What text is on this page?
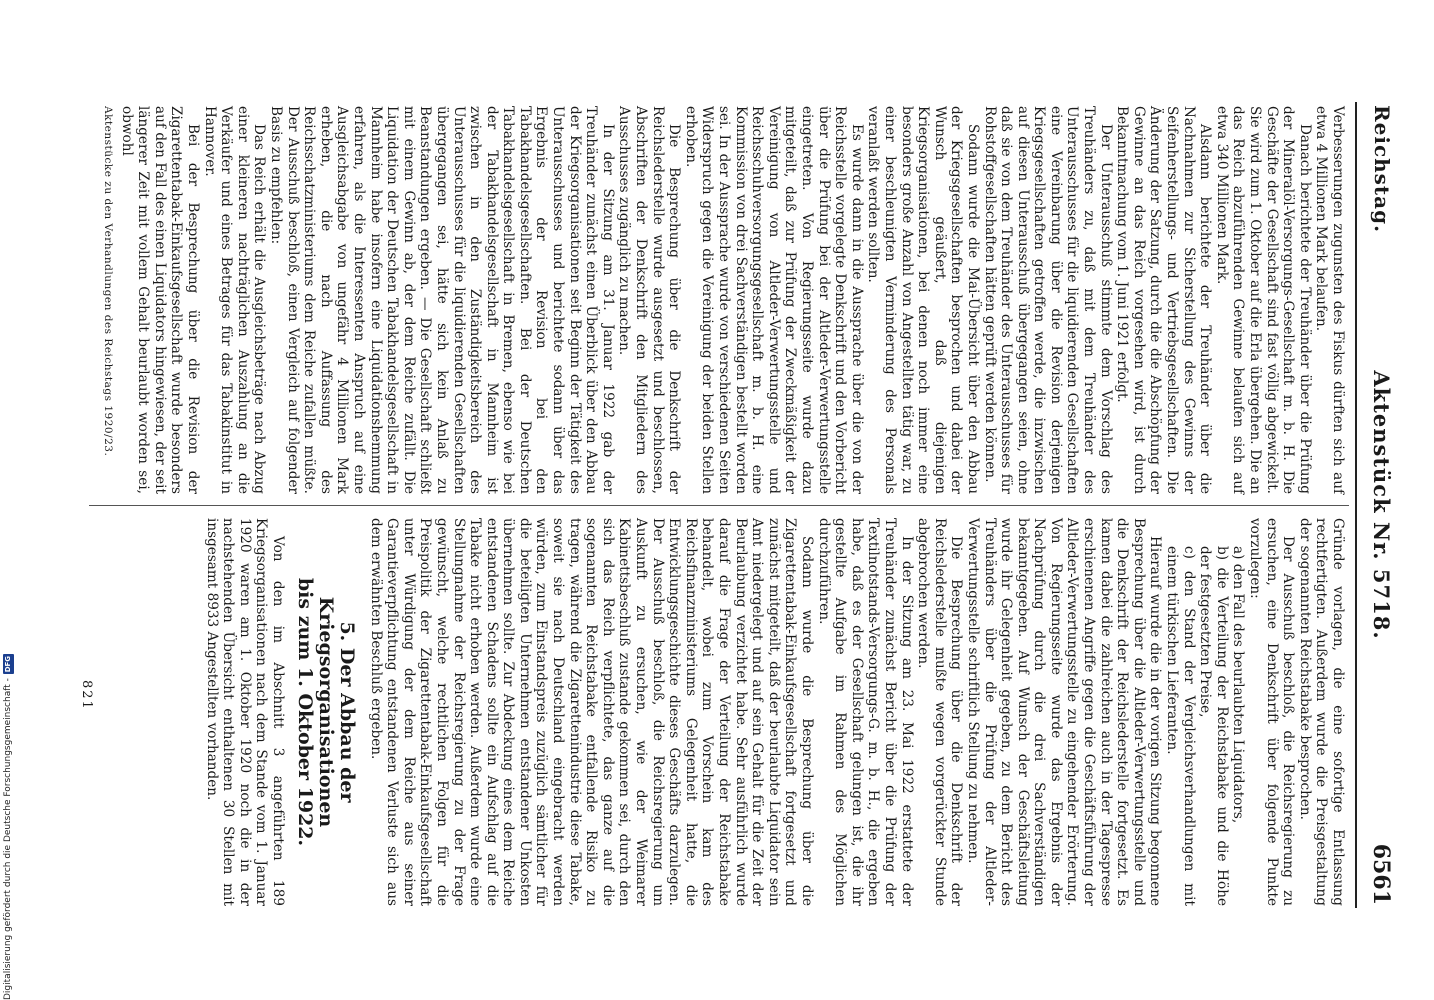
Reichstag.
Aktenstück Nr. 5718.
6561

Verbesserungen zugunsten des Fiskus dürften sich auf etwa 4 Millionen Mark belaufen.

Danach berichtete der Treuhänder über die Prüfung der Mineralöl-Versorgungs-Gesellschaft m. b. H. Die Geschäfte der Gesellschaft sind fast völlig abgewickelt. Sie wird zum 1. Oktober auf die Erla übergehen. Die an das Reich abzuführenden Gewinne belaufen sich auf etwa 340 Millionen Mark.

Alsdann berichtete der Treuhänder über die Nachnahmen zur Sicherstellung des Gewinns der Seifenherstellungs- und Vertriebsgesellschaften. Die Änderung der Satzung, durch die die Abschöpfung der Gewinne an das Reich vorgesehen wird, ist durch Bekanntmachung vom 1. Juni 1921 erfolgt.

Der Unterausschuß stimmte dem Vorschlag des Treuhänders zu, daß mit dem Treuhänder des Unterausschusses für die liquidierenden Gesellschaften eine Vereinbarung über die Revision derjenigen Kriegsgesellschaften getroffen werde, die inzwischen auf diesen Unterausschuß übergegangen seien, ohne daß sie von dem Treuhänder des Unterausschusses für Rohstoffgesellschaften hätten geprüft werden können.

Sodann wurde die Mai-Übersicht über den Abbau der Kriegsgesellschaften besprochen und dabei der Wunsch geäußert, daß diejenigen Kriegsorganisationen, bei denen noch immer eine besonders große Anzahl von Angestellten tätig war, zu einer beschleunigten Verminderung des Personals veranlaßt werden sollten.

Es wurde dann in die Aussprache über die von der Reichsstelle vorgelegte Denkschrift und den Vorbericht über die Prüfung bei der Altleder-Verwertungsstelle eingetreten. Von Regierungsseite wurde dazu mitgeteilt, daß zur Prüfung der Zweckmäßigkeit der Vereinigung von Altleder-Verwertungsstelle und Reichsschuhversorgungsgesellschaft m. b. H. eine Kommission von drei Sachverständigen bestellt worden sei. In der Aussprache wurde von verschiedenen Seiten Widerspruch gegen die Vereinigung der beiden Stellen erhoben.

Die Besprechung über die Denkschrift der Reichslederstelle wurde ausgesetzt und beschlossen, Abschriften der Denkschrift den Mitgliedern des Ausschusses zugänglich zu machen.

In der Sitzung am 31. Januar 1922 gab der Treuhänder zunächst einen Überblick über den Abbau der Kriegsorganisationen seit Beginn der Tätigkeit des Unterausschusses und berichtete sodann über das Ergebnis der Revision bei den Tabakhandelsgesellschaften. Bei der Deutschen Tabakhandelsgesellschaft in Bremen, ebenso wie bei der Tabakhandelsgesellschaft in Mannheim ist zwischen in den Zuständigkeitsbereich des Unterausschusses für die liquidierenden Gesellschaften übergegangen sei, hätte sich kein Anlaß zu Beanstandungen ergeben. — Die Gesellschaft schließt mit einem Gewinn ab, der dem Reiche zufällt. Die Liquidation der Deutschen Tabakhandelsgesellschaft in Mannheim habe insofern eine Liquidationshemmung erfahren, als die Interessenten Anspruch auf eine Ausgleichsabgabe von ungefähr 4 Millionen Mark erheben, die nach Auffassung des Reichsschatzministeriums dem Reiche zufallen müßte. Der Ausschuß beschloß, einen Vergleich auf folgender Basis zu empfehlen:

Das Reich erhält die Ausgleichsbeträge nach Abzug einer kleineren nachträglichen Auszahlung an die Verkäufer und eines Betrages für das Tabakinstitut in Hannover.

Bei der Besprechung über die Revision der Zigarettentabak-Einkaufsgesellschaft wurde besonders auf den Fall des einen Liquidators hingewiesen, der seit längerer Zeit mit vollem Gehalt beurlaubt worden sei, obwohl

Aktenstücke zu den Verhandlungen des Reichstags 1920/23.

Gründe vorlagen, die eine sofortige Entlassung rechtfertigten. Außerdem wurde die Preisgestaltung der sogenannten Reichstabake besprochen.

Der Ausschuß beschloß, die Reichsregierung zu ersuchen, eine Denkschrift über folgende Punkte vorzulegen:

a) den Fall des beurlaubten Liquidators,

b) die Verteilung der Reichstabake und die Höhe der festgesetzten Preise,

c) den Stand der Vergleichsverhandlungen mit einem türkischen Lieferanten.

Hierauf wurde die in der vorigen Sitzung begonnene Besprechung über die Altleder-Verwertungsstelle und die Denkschrift der Reichslederstelle fortgesetzt. Es kamen dabei die zahlreichen auch in der Tagespresse erschienenen Angriffe gegen die Geschäftsführung der Altleder-Verwertungsstelle zu eingehender Erörterung. Von Regierungsseite wurde das Ergebnis der Nachprüfung durch die drei Sachverständigen bekanntgegeben. Auf Wunsch der Geschäftsleitung wurde ihr Gelegenheit gegeben, zu dem Bericht des Treuhänders über die Prüfung der Altleder-Verwertungsstelle schriftlich Stellung zu nehmen.

Die Besprechung über die Denkschrift der Reichslederstelle mußte wegen vorgerückter Stunde abgebrochen werden.

In der Sitzung am 23. Mai 1922 erstattete der Treuhänder zunächst Bericht über die Prüfung der Textilnotstands-Versorgungs-G. m. b. H., die ergeben habe, daß es der Gesellschaft gelungen ist, die ihr gestellte Aufgabe im Rahmen des Möglichen durchzuführen.

Sodann wurde die Besprechung über die Zigarettentabak-Einkaufsgesellschaft fortgesetzt und zunächst mitgeteilt, daß der beurlaubte Liquidator sein Amt niedergelegt und auf sein Gehalt für die Zeit der Beurlaubung verzichtet habe. Sehr ausführlich wurde darauf die Frage der Verteilung der Reichstabake behandelt, wobei zum Vorschein kam des Reichsfinanzministeriums Gelegenheit hatte, die Entwicklungsgeschichte dieses Geschäfts darzulegen. Der Ausschuß beschloß, die Reichsregierung um Auskunft zu ersuchen, wie der Weimarer Kabinettsbeschluß zustande gekommen sei, durch den sich das Reich verpflichtete, das ganze auf die sogenannten Reichstabake entfallende Risiko zu tragen, während die Zigarettenindustrie diese Tabake, soweit sie nach Deutschland eingebracht werden würden, zum Einstandspreis zuzüglich sämtlicher für die beteiligten Unternehmen entstandener Unkosten übernehmen sollte. Zur Abdeckung eines dem Reiche entstandenen Schadens sollte ein Aufschlag auf die Tabake nicht erhoben werden. Außerdem wurde eine Stellungnahme der Reichsregierung zu der Frage gewünscht, welche rechtlichen Folgen für die Preispolitik der Zigarettentabak-Einkaufsgesellschaft unter Würdigung der dem Reiche aus seiner Garantieverpflichtung entstandenen Verluste sich aus dem erwähnten Beschluß ergeben.

5. Der Abbau der Kriegsorganisationen
bis zum 1. Oktober 1922.

Von den im Abschnitt 3 angeführten 189 Kriegsorganisationen nach dem Stande vom 1. Januar 1920 waren am 1. Oktober 1920 noch die in der nachstehenden Übersicht enthaltenen 30 Stellen mit insgesamt 8933 Angestellten vorhanden.

821
Digitalisierung gefördert durch die Deutsche Forschungsgemeinschaft -
DFG
